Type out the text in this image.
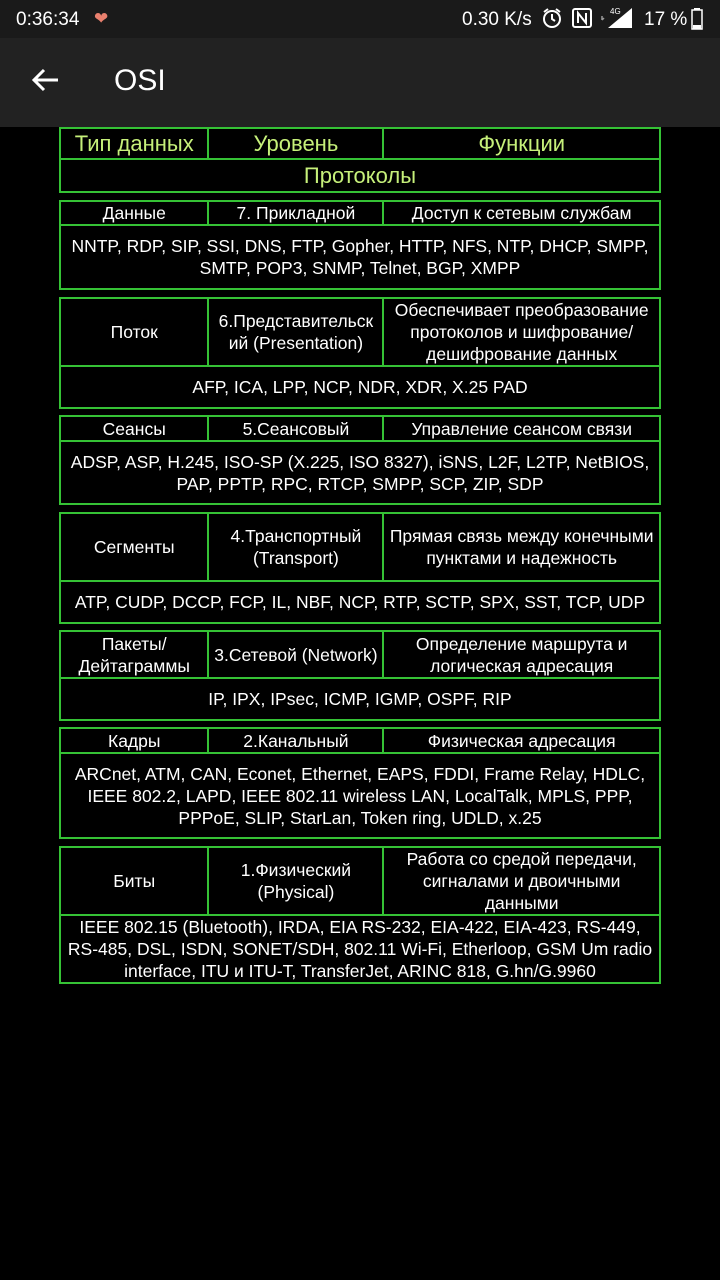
0:36:34 ❤	0.30 K/s	4G 17 %
OSI
Тип данных	Уровень	Функции
Протоколы
Данные	7. Прикладной	Доступ к сетевым службам
NNTP, RDP, SIP, SSI, DNS, FTP, Gopher, HTTP, NFS, NTP, DHCP, SMPP, SMTP, POP3, SNMP, Telnet, BGP, XMPP
Поток	6.Представительск ий (Presentation)	Обеспечивает преобразование протоколов и шифрование/ дешифрование данных
AFP, ICA, LPP, NCP, NDR, XDR, X.25 PAD
Сеансы	5.Сеансовый	Управление сеансом связи
ADSP, ASP, H.245, ISO-SP (X.225, ISO 8327), iSNS, L2F, L2TP, NetBIOS, PAP, PPTP, RPC, RTCP, SMPP, SCP, ZIP, SDP
Сегменты	4.Транспортный (Transport)	Прямая связь между конечными пунктами и надежность
ATP, CUDP, DCCP, FCP, IL, NBF, NCP, RTP, SCTP, SPX, SST, TCP, UDP
Пакеты/ Дейтаграммы	3.Сетевой (Network)	Определение маршрута и логическая адресация
IP, IPX, IPsec, ICMP, IGMP, OSPF, RIP
Кадры	2.Канальный	Физическая адресация
ARCnet, ATM, CAN, Econet, Ethernet, EAPS, FDDI, Frame Relay, HDLC, IEEE 802.2, LAPD, IEEE 802.11 wireless LAN, LocalTalk, MPLS, PPP, PPPoE, SLIP, StarLan, Token ring, UDLD, x.25
Биты	1.Физический (Physical)	Работа со средой передачи, сигналами и двоичными данными
IEEE 802.15 (Bluetooth), IRDA, EIA RS-232, EIA-422, EIA-423, RS-449, RS-485, DSL, ISDN, SONET/SDH, 802.11 Wi-Fi, Etherloop, GSM Um radio interface, ITU и ITU-T, TransferJet, ARINC 818, G.hn/G.9960
